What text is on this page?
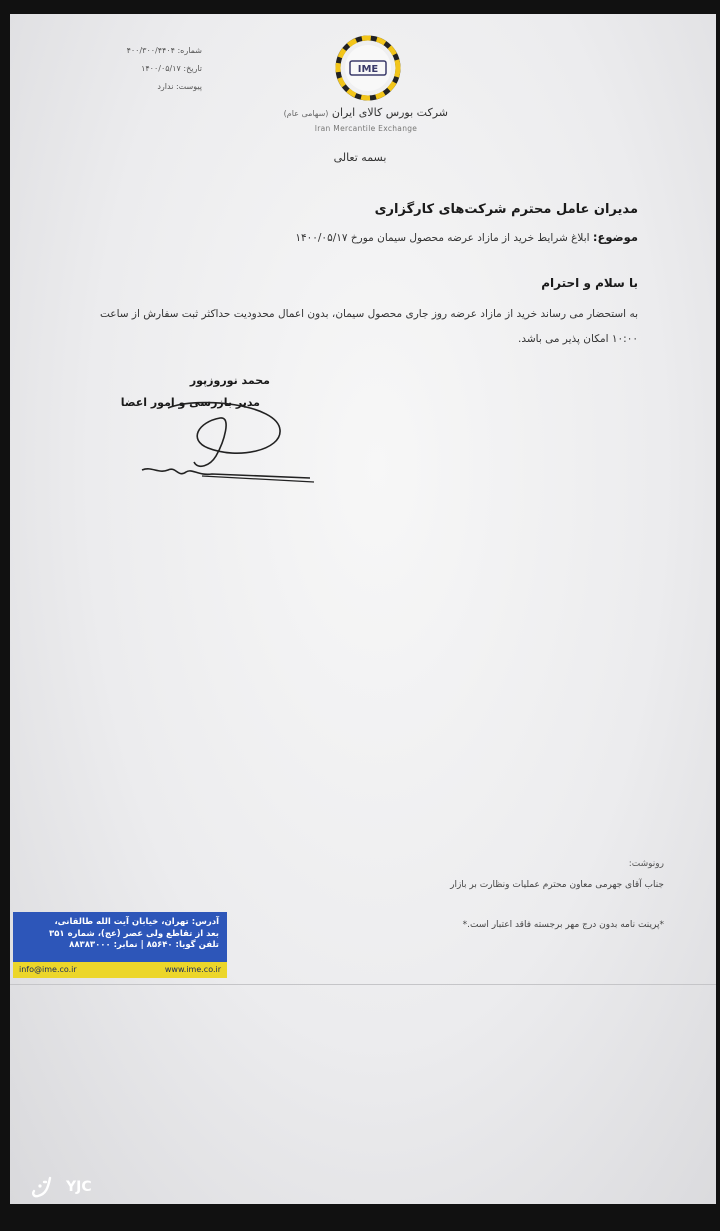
شماره: ۴۰۰/۳۰۰/۴۴۰۴
تاریخ: ۱۴۰۰/۰۵/۱۷
پیوست: ندارد
IME
شرکت بورس کالای ایران (سهامی عام)
Iran Mercantile Exchange
بسمه تعالی
مدیران عامل محترم شرکت‌های کارگزاری
موضوع: ابلاغ شرایط خرید از مازاد عرضه محصول سیمان مورخ ۱۴۰۰/۰۵/۱۷
با سلام و احترام
به استحضار می رساند خرید از مازاد عرضه روز جاری محصول سیمان، بدون اعمال محدودیت حداکثر ثبت سفارش از ساعت ۱۰:۰۰ امکان پذیر می باشد.
محمد نوروزپور
مدیر بازرسی و امور اعضا
رونوشت:
جناب آقای جهرمی معاون محترم عملیات ونظارت بر بازار
*پرینت نامه بدون درج مهر برجسته فاقد اعتبار است.*
آدرس: تهران، خیابان آیت الله طالقانی،
بعد از تقاطع ولی عصر (عج)، شماره ۳۵۱
تلفن گویا: ۸۵۶۴۰ | نمابر: ۸۸۳۸۳۰۰۰
info@ime.co.ir	www.ime.co.ir
YJC
